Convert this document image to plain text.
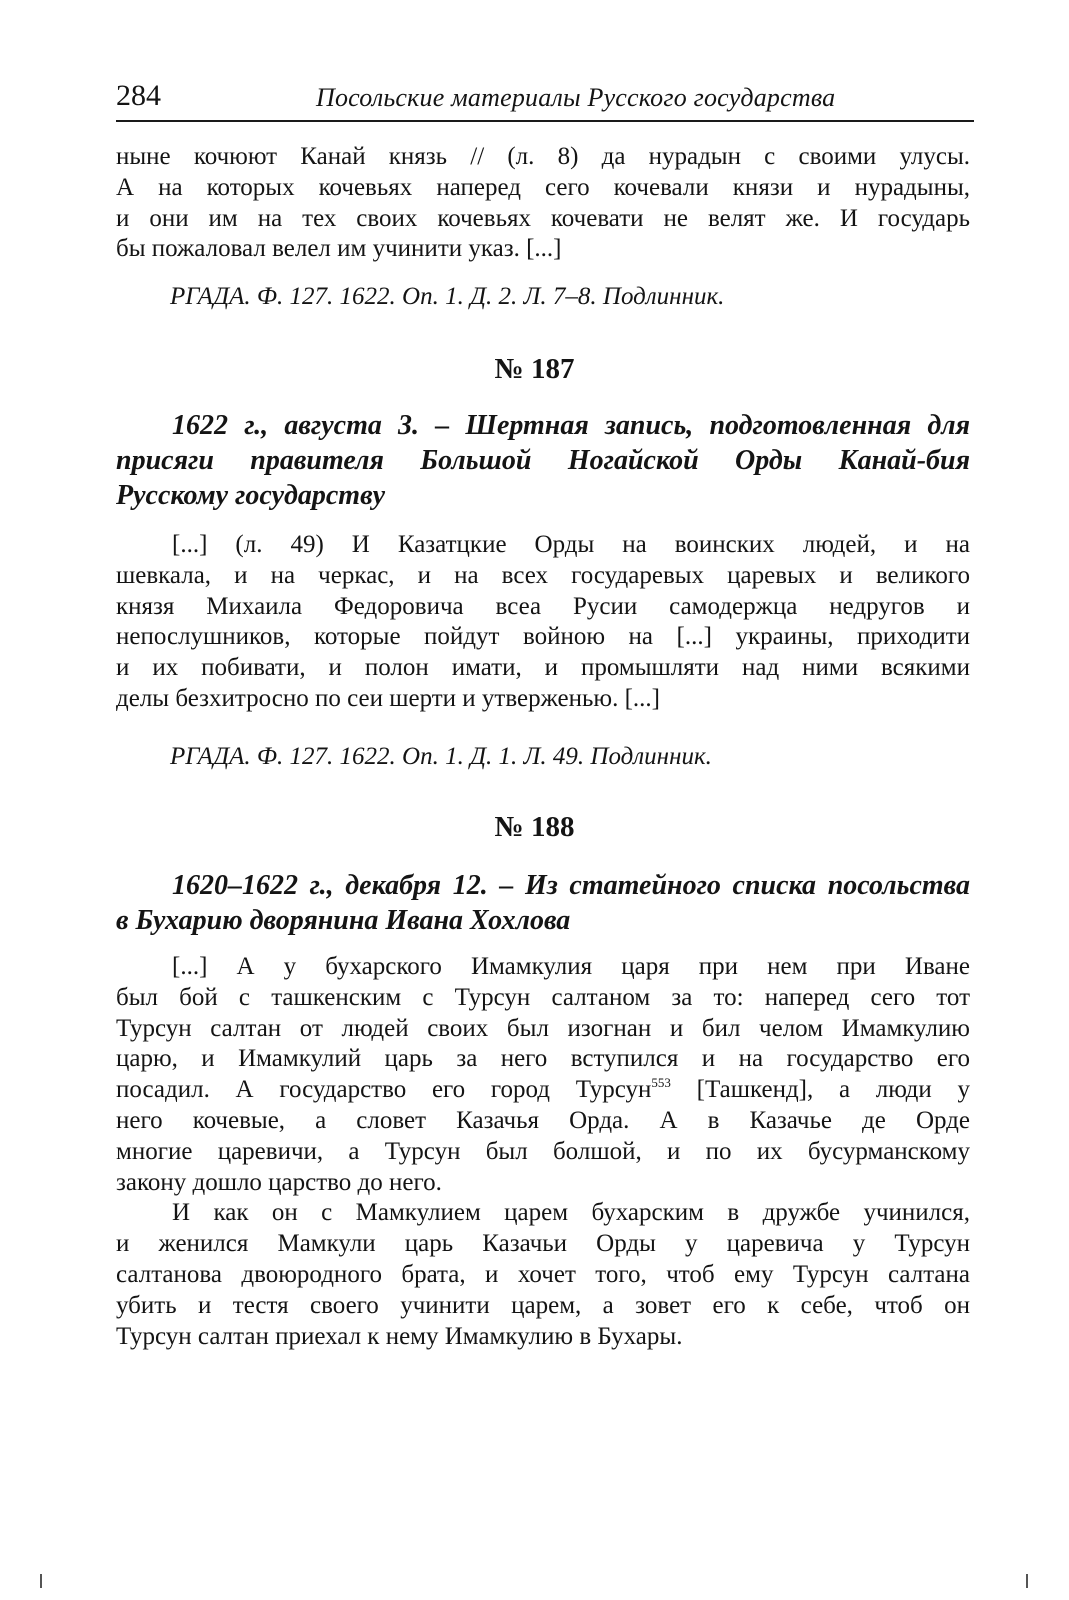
284	Посольские материалы Русского государства
ныне кочюют Канай князь // (л. 8) да нурадын с своими улусы.
А на которых кочевьях наперед сего кочевали князи и нурадыны,
и они им на тех своих кочевьях кочевати не велят же. И государь
бы пожаловал велел им учинити указ. [...]

РГАДА. Ф. 127. 1622. Оп. 1. Д. 2. Л. 7–8. Подлинник.

№ 187

1622 г., августа 3. – Шертная запись, подготовленная для
присяги правителя Большой Ногайской Орды Канай-бия
Русскому государству
[...] (л. 49) И Казатцкие Орды на воинских людей, и на
шевкала, и на черкас, и на всех государевых царевых и великого
князя Михаила Федоровича всеа Русии самодержца недругов и
непослушников, которые пойдут войною на [...] украины, приходити
и их побивати, и полон имати, и промышляти над ними всякими
делы безхитросно по сеи шерти и утверженью. [...]

РГАДА. Ф. 127. 1622. Оп. 1. Д. 1. Л. 49. Подлинник.

№ 188

1620–1622 г., декабря 12. – Из статейного списка посольства
в Бухарию дворянина Ивана Хохлова
[...] А у бухарского Имамкулия царя при нем при Иване
был бой с ташкенским с Турсун салтаном за то: наперед сего тот
Турсун салтан от людей своих был изогнан и бил челом Имамкулию
царю, и Имамкулий царь за него вступился и на государство его
посадил. А государство его город Турсун$^{553}$ [Ташкенд], а люди у
него кочевые, а словет Казачья Орда. А в Казачье де Орде
многие царевичи, а Турсун был болшой, и по их бусурманскому
закону дошло царство до него.
И как он с Мамкулием царем бухарским в дружбе учинился,
и женился Мамкули царь Казачьи Орды у царевича у Турсун
салтанова двоюродного брата, и хочет того, чтоб ему Турсун салтана
убить и тестя своего учинити царем, а зовет его к себе, чтоб он
Турсун салтан приехал к нему Имамкулию в Бухары.
